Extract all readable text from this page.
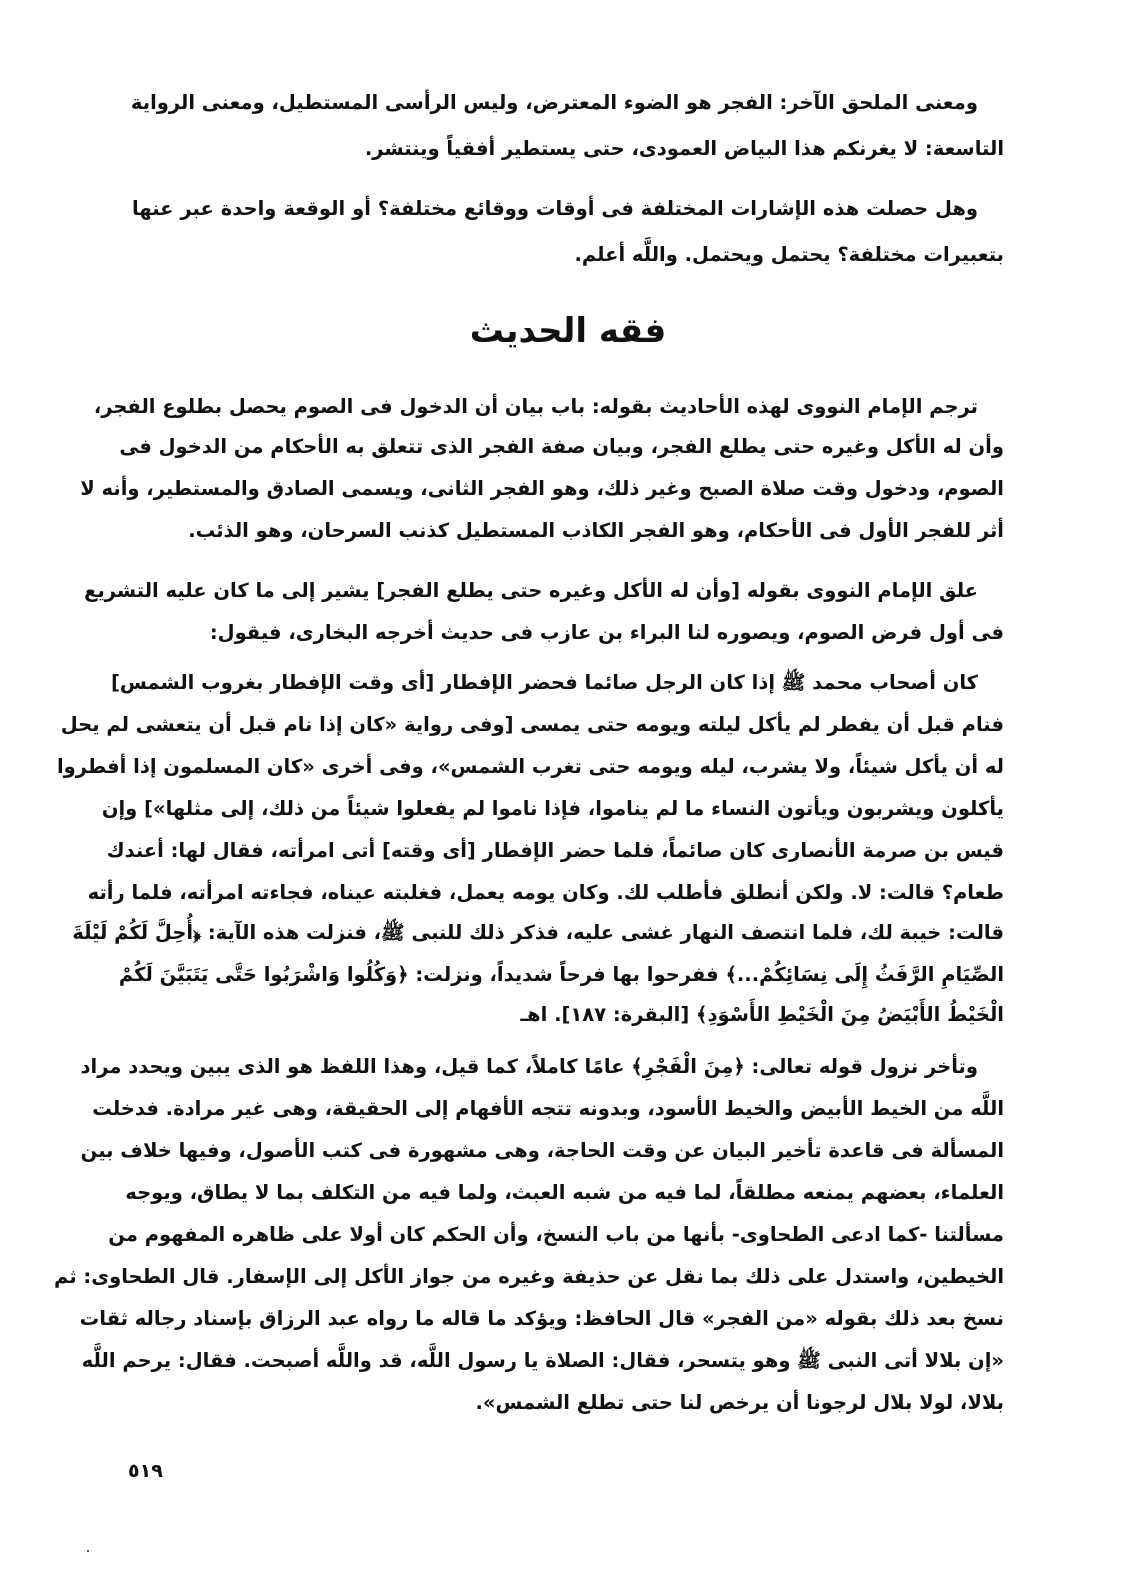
ومعنى الملحق الآخر: الفجر هو الضوء المعترض، وليس الرأسى المستطيل، ومعنى الرواية
التاسعة: لا يغرنكم هذا البياض العمودى، حتى يستطير أفقياً وينتشر.
وهل حصلت هذه الإشارات المختلفة فى أوقات ووقائع مختلفة؟ أو الوقعة واحدة عبر عنها
بتعبيرات مختلفة؟ يحتمل ويحتمل. واللَّه أعلم.
فقه الحديث
ترجم الإمام النووى لهذه الأحاديث بقوله: باب بيان أن الدخول فى الصوم يحصل بطلوع الفجر،
وأن له الأكل وغيره حتى يطلع الفجر، وبيان صفة الفجر الذى تتعلق به الأحكام من الدخول فى
الصوم، ودخول وقت صلاة الصبح وغير ذلك، وهو الفجر الثانى، ويسمى الصادق والمستطير، وأنه لا
أثر للفجر الأول فى الأحكام، وهو الفجر الكاذب المستطيل كذنب السرحان، وهو الذئب.
علق الإمام النووى بقوله [وأن له الأكل وغيره حتى يطلع الفجر] يشير إلى ما كان عليه التشريع
فى أول فرض الصوم، ويصوره لنا البراء بن عازب فى حديث أخرجه البخارى، فيقول:
كان أصحاب محمد ﷺ إذا كان الرجل صائما فحضر الإفطار [أى وقت الإفطار بغروب الشمس]
فنام قبل أن يفطر لم يأكل ليلته ويومه حتى يمسى [وفى رواية «كان إذا نام قبل أن يتعشى لم يحل
له أن يأكل شيئاً، ولا يشرب، ليله ويومه حتى تغرب الشمس»، وفى أخرى «كان المسلمون إذا أفطروا
يأكلون ويشربون ويأتون النساء ما لم يناموا، فإذا ناموا لم يفعلوا شيئاً من ذلك، إلى مثلها»] وإن
قيس بن صرمة الأنصارى كان صائماً، فلما حضر الإفطار [أى وقته] أتى امرأته، فقال لها: أعندك
طعام؟ قالت: لا. ولكن أنطلق فأطلب لك. وكان يومه يعمل، فغلبته عيناه، فجاءته امرأته، فلما رأته
قالت: خيبة لك، فلما انتصف النهار غشى عليه، فذكر ذلك للنبى ﷺ، فنزلت هذه الآية: ﴿أُحِلَّ لَكُمْ لَيْلَةَ
الصِّيَامِ الرَّفَثُ إِلَى نِسَائِكُمْ...﴾ ففرحوا بها فرحاً شديداً، ونزلت: ﴿وَكُلُوا وَاشْرَبُوا حَتَّى يَتَبَيَّنَ لَكُمْ
الْخَيْطُ الأَبْيَضُ مِنَ الْخَيْطِ الأَسْوَدِ﴾ [البقرة: ١٨٧]. اهـ
وتأخر نزول قوله تعالى: ﴿مِنَ الْفَجْرِ﴾ عامًا كاملاً، كما قيل، وهذا اللفظ هو الذى يبين ويحدد مراد
اللَّه من الخيط الأبيض والخيط الأسود، وبدونه تتجه الأفهام إلى الحقيقة، وهى غير مرادة. فدخلت
المسألة فى قاعدة تأخير البيان عن وقت الحاجة، وهى مشهورة فى كتب الأصول، وفيها خلاف بين
العلماء، بعضهم يمنعه مطلقاً، لما فيه من شبه العبث، ولما فيه من التكلف بما لا يطاق، ويوجه
مسألتنا -كما ادعى الطحاوى- بأنها من باب النسخ، وأن الحكم كان أولا على ظاهره المفهوم من
الخيطين، واستدل على ذلك بما نقل عن حذيفة وغيره من جواز الأكل إلى الإسفار. قال الطحاوى: ثم
نسخ بعد ذلك بقوله «من الفجر» قال الحافظ: ويؤكد ما قاله ما رواه عبد الرزاق بإسناد رجاله ثقات
«إن بلالا أتى النبى ﷺ وهو يتسحر، فقال: الصلاة يا رسول اللَّه، قد واللَّه أصبحت. فقال: يرحم اللَّه
بلالا، لولا بلال لرجونا أن يرخص لنا حتى تطلع الشمس».
٥١٩
